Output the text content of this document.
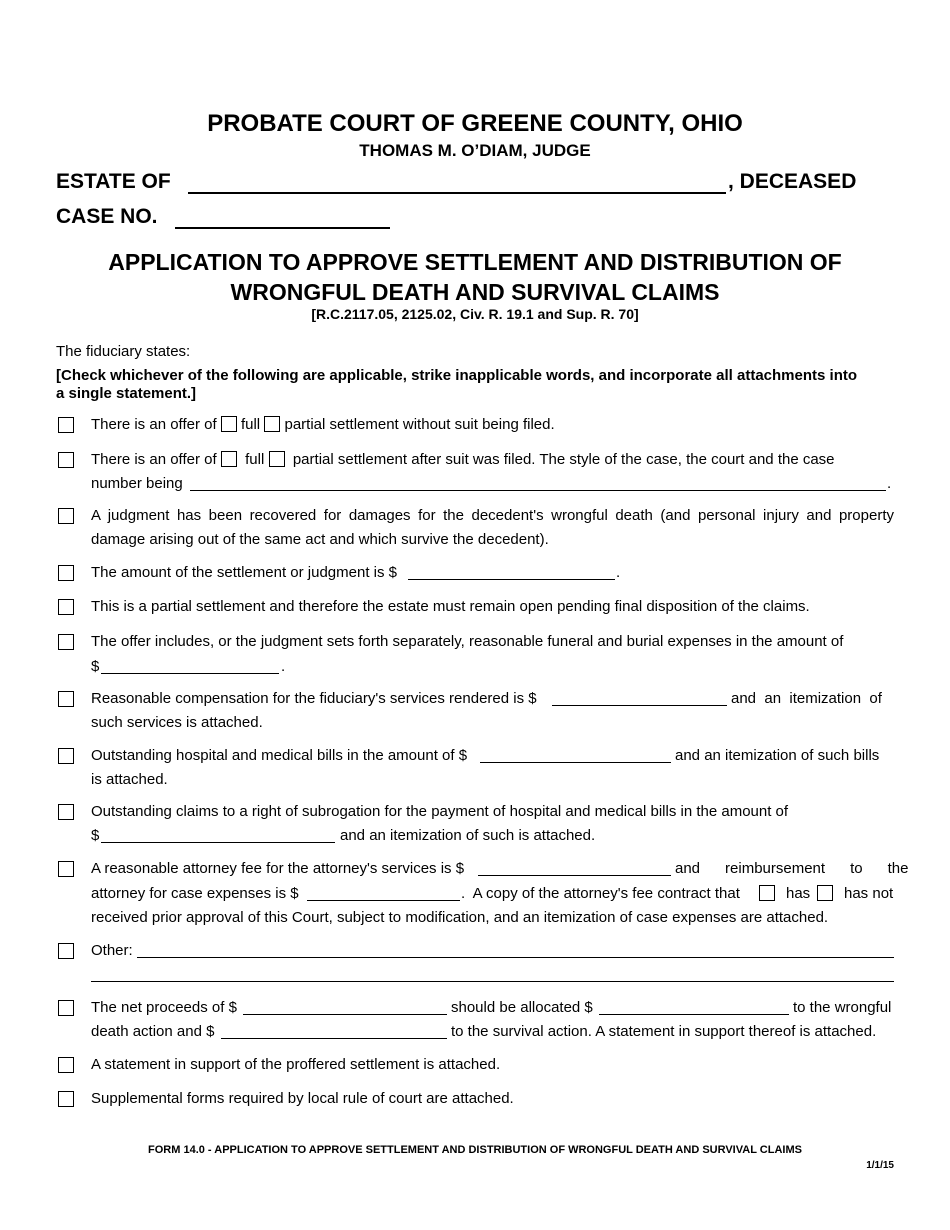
PROBATE COURT OF GREENE COUNTY, OHIO
THOMAS M. O’DIAM, JUDGE
ESTATE OF	, DECEASED
CASE NO.
APPLICATION TO APPROVE SETTLEMENT AND DISTRIBUTION OF
WRONGFUL DEATH AND SURVIVAL CLAIMS
[R.C.2117.05, 2125.02, Civ. R. 19.1 and Sup. R. 70]
The fiduciary states:
[Check whichever of the following are applicable, strike inapplicable words, and incorporate all attachments into
a single statement.]
There is an offer of full partial settlement without suit being filed.
There is an offer of full partial settlement after suit was filed. The style of the case, the court and the case
number being	.
A judgment has been recovered for damages for the decedent's wrongful death (and personal injury and property
damage arising out of the same act and which survive the decedent).
The amount of the settlement or judgment is $	.
This is a partial settlement and therefore the estate must remain open pending final disposition of the claims.
The offer includes, or the judgment sets forth separately, reasonable funeral and burial expenses in the amount of
$	.
Reasonable compensation for the fiduciary's services rendered is $	and  an  itemization  of
such services is attached.
Outstanding hospital and medical bills in the amount of $	and an itemization of such bills
is attached.
Outstanding claims to a right of subrogation for the payment of hospital and medical bills in the amount of
$	and an itemization of such is attached.
A reasonable attorney fee for the attorney's services is $	and      reimbursement      to      the
attorney for case expenses is $	.  A copy of the attorney's fee contract that	has has not
received prior approval of this Court, subject to modification, and an itemization of case expenses are attached.
Other:
The net proceeds of $	should be allocated $	to the wrongful
death action and $	to the survival action. A statement in support thereof is attached.
A statement in support of the proffered settlement is attached.
Supplemental forms required by local rule of court are attached.
FORM 14.0 - APPLICATION TO APPROVE SETTLEMENT AND DISTRIBUTION OF WRONGFUL DEATH AND SURVIVAL CLAIMS
1/1/15
